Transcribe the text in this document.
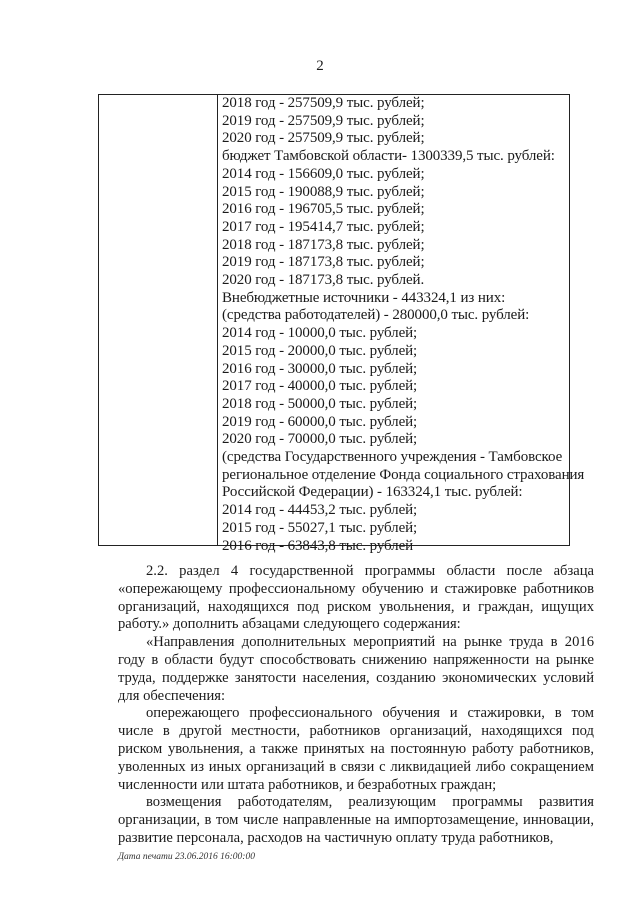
2
2018 год - 257509,9 тыс. рублей;
2019 год - 257509,9 тыс. рублей;
2020 год - 257509,9 тыс. рублей;
бюджет Тамбовской области- 1300339,5 тыс. рублей:
2014 год - 156609,0 тыс. рублей;
2015 год - 190088,9 тыс. рублей;
2016 год - 196705,5 тыс. рублей;
2017 год - 195414,7 тыс. рублей;
2018 год - 187173,8 тыс. рублей;
2019 год - 187173,8 тыс. рублей;
2020 год - 187173,8 тыс. рублей.
Внебюджетные источники - 443324,1 из них:
(средства работодателей) - 280000,0 тыс. рублей:
2014 год - 10000,0 тыс. рублей;
2015 год - 20000,0 тыс. рублей;
2016 год - 30000,0 тыс. рублей;
2017 год - 40000,0 тыс. рублей;
2018 год - 50000,0 тыс. рублей;
2019 год - 60000,0 тыс. рублей;
2020 год - 70000,0 тыс. рублей;
(средства Государственного учреждения - Тамбовское
региональное отделение Фонда социального страхования
Российской Федерации) - 163324,1 тыс. рублей:
2014 год - 44453,2 тыс. рублей;
2015 год - 55027,1 тыс. рублей;
2016 год - 63843,8 тыс. рублей

2.2. раздел 4 государственной программы области после абзаца «опережающему профессиональному обучению и стажировке работников организаций, находящихся под риском увольнения, и граждан, ищущих работу.» дополнить абзацами следующего содержания:

«Направления дополнительных мероприятий на рынке труда в 2016 году в области будут способствовать снижению напряженности на рынке труда, поддержке занятости населения, созданию экономических условий для обеспечения:

опережающего профессионального обучения и стажировки, в том числе в другой местности, работников организаций, находящихся под риском увольнения, а также принятых на постоянную работу работников, уволенных из иных организаций в связи с ликвидацией либо сокращением численности или штата работников, и безработных граждан;

возмещения работодателям, реализующим программы развития организации, в том числе направленные на импортозамещение, инновации, развитие персонала, расходов на частичную оплату труда работников,

Дата печати 23.06.2016 16:00:00
